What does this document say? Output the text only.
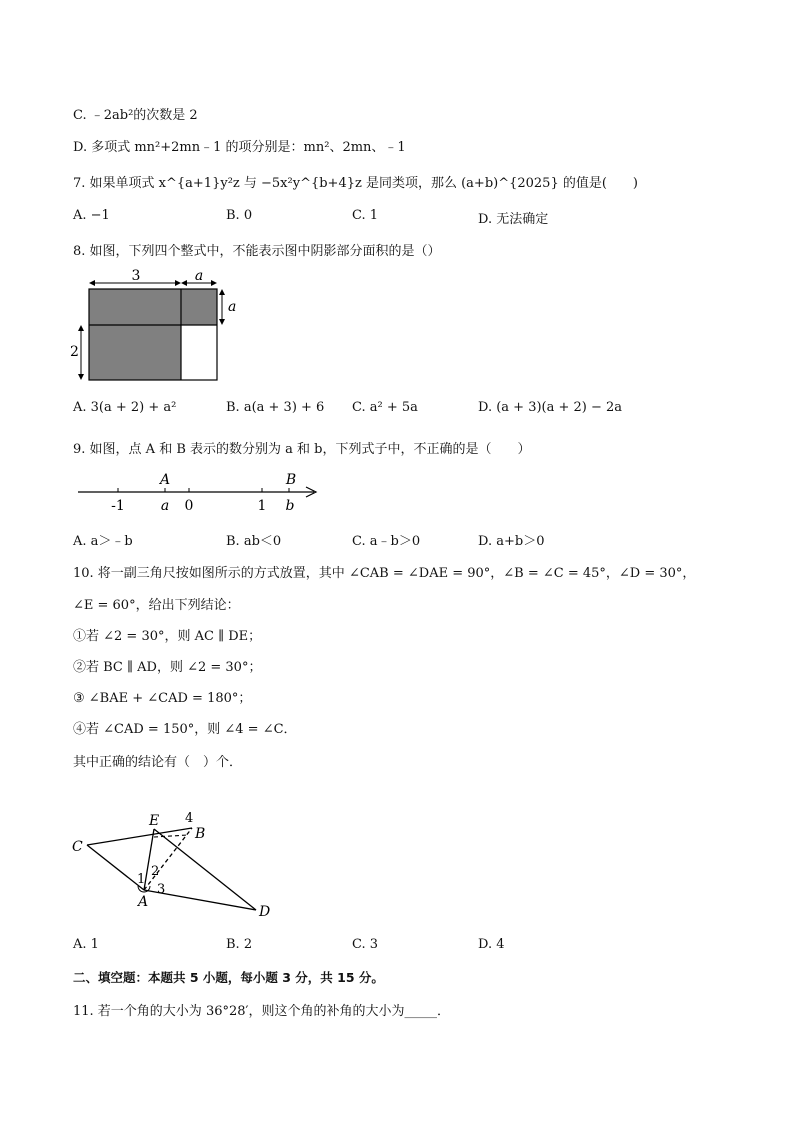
C. ﹣2ab²的次数是 2
D. 多项式 mn²+2mn﹣1 的项分别是：mn²、2mn、﹣1
7. 如果单项式 x^{a+1}y²z 与 −5x²y^{b+4}z 是同类项，那么 (a+b)^{2025} 的值是(　　)
A. −1	B. 0	C. 1	D. 无法确定
8. 如图，下列四个整式中，不能表示图中阴影部分面积的是（）
3	a
a
2
A. 3(a + 2) + a²	B. a(a + 3) + 6 C. a² + 5a	D. (a + 3)(a + 2) − 2a
9. 如图，点 A 和 B 表示的数分别为 a 和 b，下列式子中，不正确的是（　　）
-1
A
a 0	1
B
b
A. a＞﹣b	B. ab＜0	C. a﹣b＞0	D. a+b＞0
10. 将一副三角尺按如图所示的方式放置，其中 ∠CAB = ∠DAE = 90°，∠B = ∠C = 45°，∠D = 30°，
∠E = 60°，给出下列结论：
①若 ∠2 = 30°，则 AC ∥ DE；
②若 BC ∥ AD，则 ∠2 = 30°；
③ ∠BAE + ∠CAD = 180°；
④若 ∠CAD = 150°，则 ∠4 = ∠C．
其中正确的结论有（　）个．
E 4
B
C
1
2
3
A
D
A. 1	B. 2	C. 3	D. 4
二、填空题：本题共 5 小题，每小题 3 分，共 15 分。
11. 若一个角的大小为 36°28′，则这个角的补角的大小为_____．
